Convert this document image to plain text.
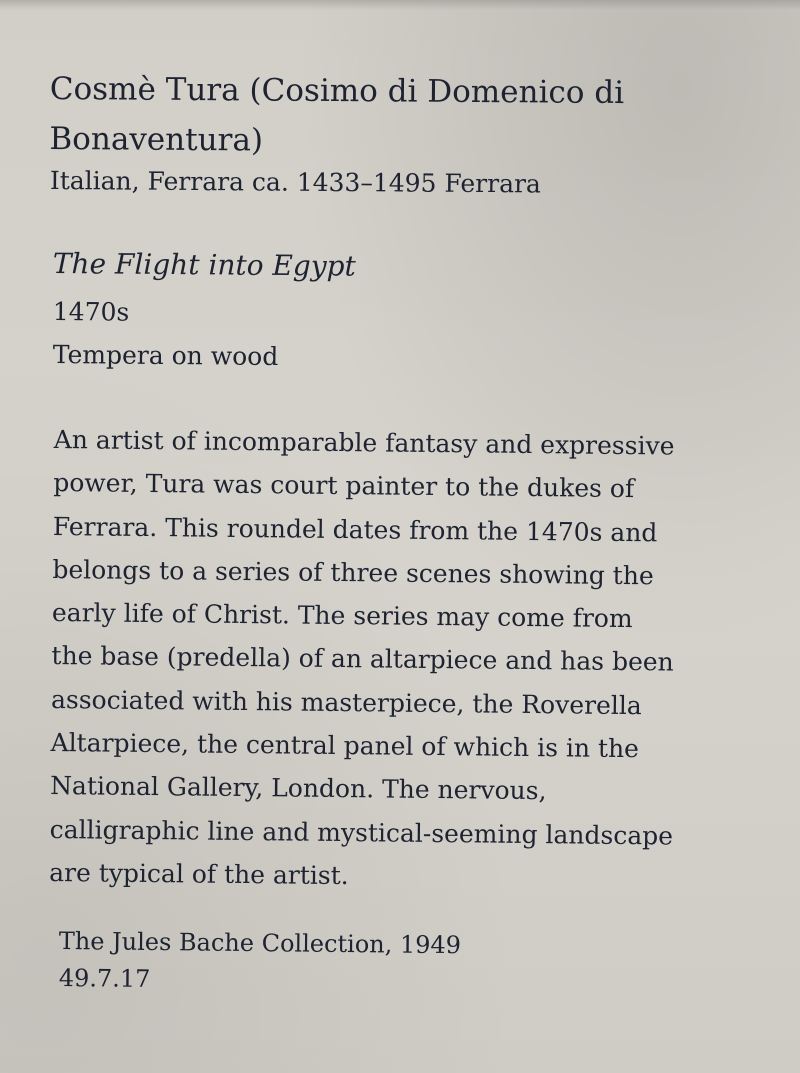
Cosmè Tura (Cosimo di Domenico di Bonaventura)
Italian, Ferrara ca. 1433–1495 Ferrara
The Flight into Egypt
1470s
Tempera on wood
An artist of incomparable fantasy and expressive
power, Tura was court painter to the dukes of
Ferrara. This roundel dates from the 1470s and
belongs to a series of three scenes showing the
early life of Christ. The series may come from
the base (predella) of an altarpiece and has been
associated with his masterpiece, the Roverella
Altarpiece, the central panel of which is in the
National Gallery, London. The nervous,
calligraphic line and mystical-seeming landscape
are typical of the artist.
The Jules Bache Collection, 1949
49.7.17
